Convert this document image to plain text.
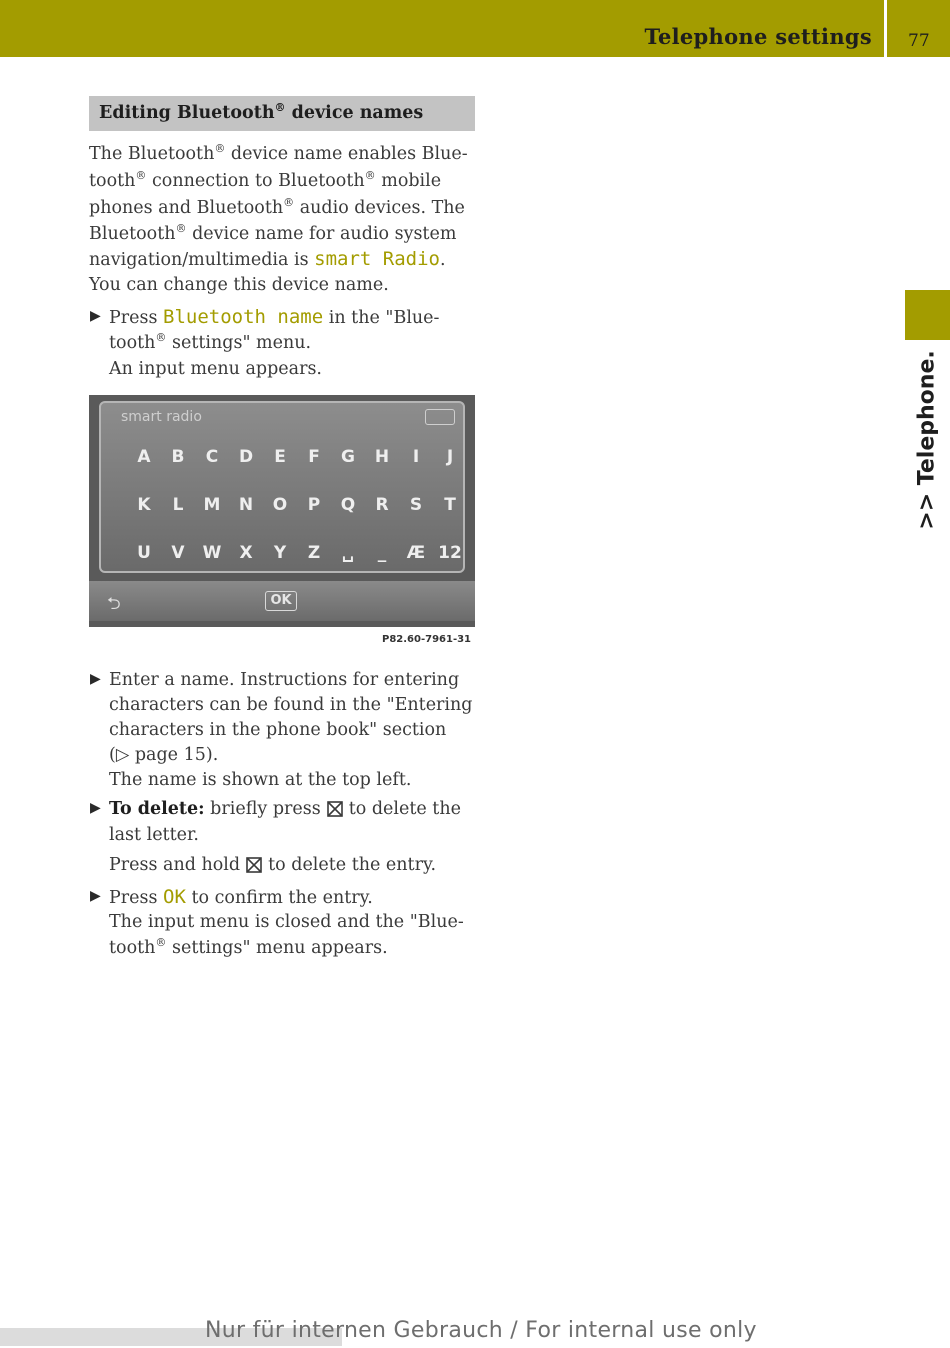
Telephone settings 77
>> Telephone.
Editing Bluetooth® device names
The Bluetooth® device name enables Blue-
tooth® connection to Bluetooth® mobile
phones and Bluetooth® audio devices. The
Bluetooth® device name for audio system
navigation/multimedia is smart Radio.
You can change this device name.
▶ Press Bluetooth name in the "Blue-
tooth® settings" menu.
An input menu appears.
smart radio
A	B	C	D	E	F	G	H	I	J
K	L	M	N	O	P	Q	R	S	T
U	V	W	X	Y	Z	␣	_	Æ 12
⮌	OK
P82.60-7961-31
▶ Enter a name. Instructions for entering
characters can be found in the "Entering
characters in the phone book" section
(▷ page 15).
The name is shown at the top left.
▶ To delete: briefly press to delete the
last letter.
Press and hold to delete the entry.
▶ Press OK to confirm the entry.
The input menu is closed and the "Blue-
tooth® settings" menu appears.
Nur für internen Gebrauch / For internal use only
